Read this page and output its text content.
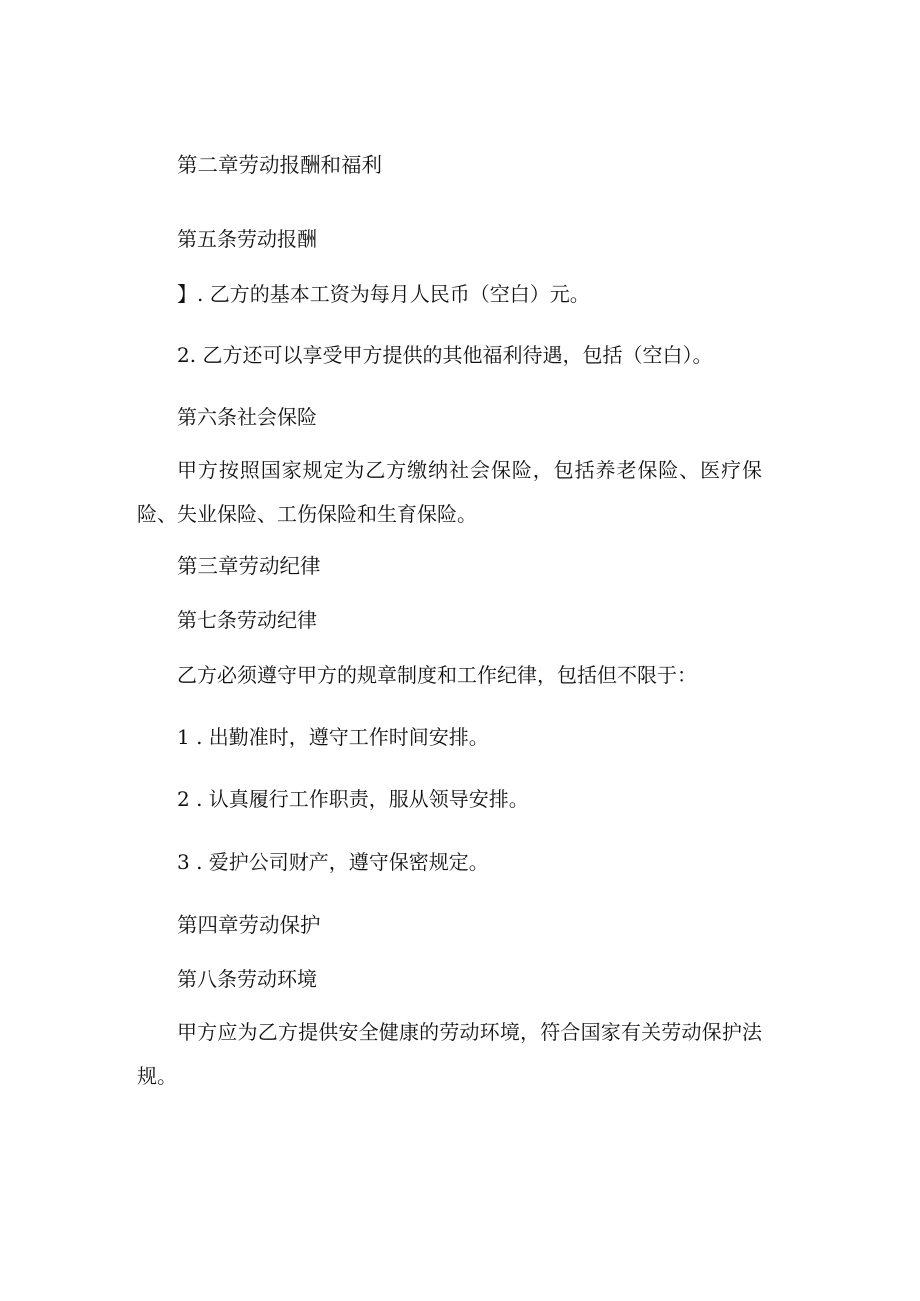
第二章劳动报酬和福利
第五条劳动报酬
】. 乙方的基本工资为每月人民币（空白）元。
2. 乙方还可以享受甲方提供的其他福利待遇，包括（空白）。
第六条社会保险
甲方按照国家规定为乙方缴纳社会保险，包括养老保险、医疗保险、失业保险、工伤保险和生育保险。
第三章劳动纪律
第七条劳动纪律
乙方必须遵守甲方的规章制度和工作纪律，包括但不限于：
1 . 出勤准时，遵守工作时间安排。
2 . 认真履行工作职责，服从领导安排。
3 . 爱护公司财产，遵守保密规定。
第四章劳动保护
第八条劳动环境
甲方应为乙方提供安全健康的劳动环境，符合国家有关劳动保护法规。
